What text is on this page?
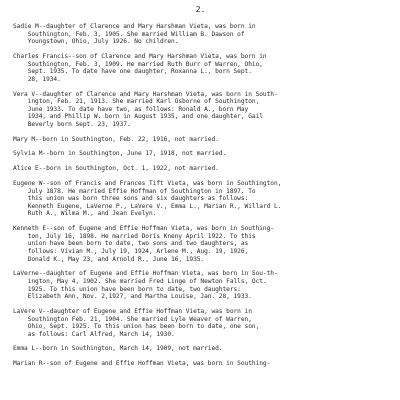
2.
Sadie M--daughter of Clarence and Mary Harshman Vieta, was born in
Southington, Feb. 3, 1905. She married William B. Dawson of
Youngstown, Ohio, July 1926. No children.
Charles Francis--son of Clarence and Mary Harshman Vieta, was born in
Southington, Feb. 3, 1909. He married Ruth Burr of Warren, Ohio,
Sept. 1935. To date have one daughter, Roxanna L., born Sept.
28, 1934.
Vera V--daughter of Clarence and Mary Harshman Vieta, was born in South-
ington, Feb. 21, 1913. She married Karl Osborne of Southington,
June 1933. To date have two, as follows: Ronald A., born May
1934, and Phillip W. born in August 1935, and one daughter, Gail
Beverly born Sept. 23, 1937.
Mary M--born in Southington, Feb. 22, 1916, not married.
Sylvia M--born in Southington, June 17, 1918, not married.
Alice E--born in Southington, Oct. 1, 1922, not married.
Eugene W--son of Francis and Frances Tift Vieta, was born in Southington,
July 1878. He married Effie Hoffman of Southington in 1897. To
this union was born three sons and six daughters as follows:
Kenneth Eugene, LaVerne P., LaVere V., Emma L., Marian R., Willard L.
Ruth A., Wilma M., and Jean Evelyn.
Kenneth E--son of Eugene and Effie Hoffman Vieta, was born in Southing-
ton, July 16, 1898. He married Doris Kneny April 1922. To this
union have been born to date, two sons and two daughters, as
follows: Vivian M., July 19, 1924, Arlene M., Aug. 19, 1926,
Donald K., May 23, and Arnold R., June 16, 1935.
LaVerne--daughter of Eugene and Effie Hoffman Vieta, was born in Sou-th-
ington, May 4, 1902. She married Fred Linge of Newton Falls, Oct.
1925. To this union have been born to date, two daughters:
Elizabeth Ann, Nov. 2,1927, and Martha Louise, Jan. 28, 1933.
LaVere V--daughter of Eugene and Effie Hoffman Vieta, was born in
Southington Feb. 21, 1904. She married Lyle Weaver of Warren,
Ohio, Sept. 1925. To this union has been born to date, one son,
as follows: Carl Alfred, March 14, 1930.
Emma L--born in Southington, March 14, 1909, not married.
Marian R--son of Eugene and Effie Hoffman Vieta, was born in Southing-
